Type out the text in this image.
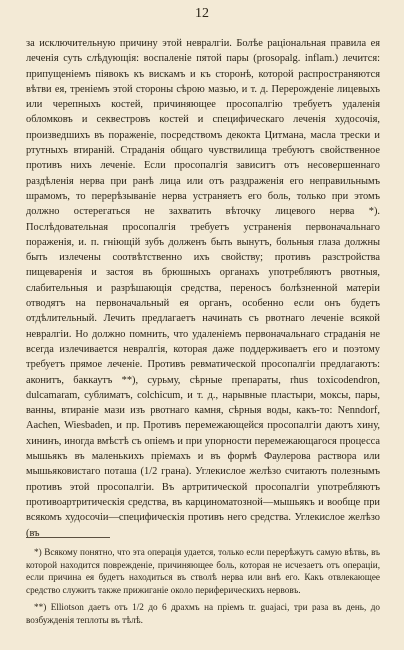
12
за исключительную причину этой невралгіи. Болѣе раціональная правила ея леченія суть слѣдующія: воспаленіе пятой пары (prosopalg. inflam.) лечится: припущеніемъ піявокъ къ вискамъ и къ сторонѣ, которой распространяются вѣтви ея, треніемъ этой стороны сѣрою мазью, и т. д. Перерожденіе лицевыхъ или черепныхъ костей, причиняющее просопалгію требуетъ удаленія обломковъ и секвестровъ костей и специфическаго леченія худосочія, произведшихъ въ пораженіе, посредствомъ декокта Цитмана, масла трески и ртутныхъ втираній. Страданія общаго чувствилища требуютъ свойственное противъ нихъ леченіе. Если просопалгія зависитъ отъ несовершеннаго раздѣленія нерва при ранѣ лица или отъ раздраженія его неправильнымъ шрамомъ, то перерѣзываніе нерва устраняетъ его боль, только при этомъ должно остерегаться не захватить вѣточку лицевого нерва *). Послѣдовательная просопалгія требуетъ устраненія первоначальнаго пораженія, и. п. гніющій зубъ долженъ быть вынутъ, больныя глаза должны быть излечены соотвѣтственно ихъ свойству; противъ разстройства пищеваренія и застоя въ брюшныхъ органахъ употребляютъ рвотныя, слабительныя и разрѣшающія средства, переносъ болѣзненной матеріи отводятъ на первоначальный ея органъ, особенно если онъ будетъ отдѣлительный. Лечить предлагаетъ начинать съ рвотнаго леченіе всякой невралгіи. Но должно помнить, что удаленіемъ первоначальнаго страданія не всегда излечивается невралгія, которая даже поддерживаетъ его и поэтому требуетъ прямое леченіе. Противъ ревматической просопалгіи предлагаютъ: аконитъ, баккаутъ **), сурьму, сѣрные препараты, rhus toxicodendron, dulcamaram, сублиматъ, colchicum, и т. д., нарывные пластыри, моксы, пары, ванны, втираніе мази изъ рвотнаго камня, сѣрныя воды, какъ-то: Nenndorf, Aachen, Wiesbaden, и пр. Противъ перемежающейся просопалгіи даютъ хину, хининъ, иногда вмѣстѣ съ опіемъ и при упорности перемежающагося процесса мышьякъ въ маленькихъ пріемахъ и въ формѣ Фаулерова раствора или мышьяковистаго поташа (1/2 грана). Углекислое желѣзо считаютъ полезнымъ противъ этой просопалгіи. Въ артритической просопалгіи употребляютъ противоартритическія средства, въ карциноматозной—мышьякъ и вообще при всякомъ худосочіи—специфическія противъ него средства. Углекислое желѣзо (въ
*) Всякому понятно, что эта операція удается, только если перерѣжутъ самую вѣтвь, въ которой находится поврежденіе, причиняющее боль, которая не исчезаетъ отъ операціи, если причина ея будетъ находиться въ стволѣ нерва или внѣ его. Какъ отвлекающее средство служитъ также прижиганіе около периферическихъ нервовъ.
**) Elliotson даетъ отъ 1/2 до 6 драхмъ на пріемъ tr. guajaci, три раза въ день, до возбужденія теплоты въ тѣлѣ.
